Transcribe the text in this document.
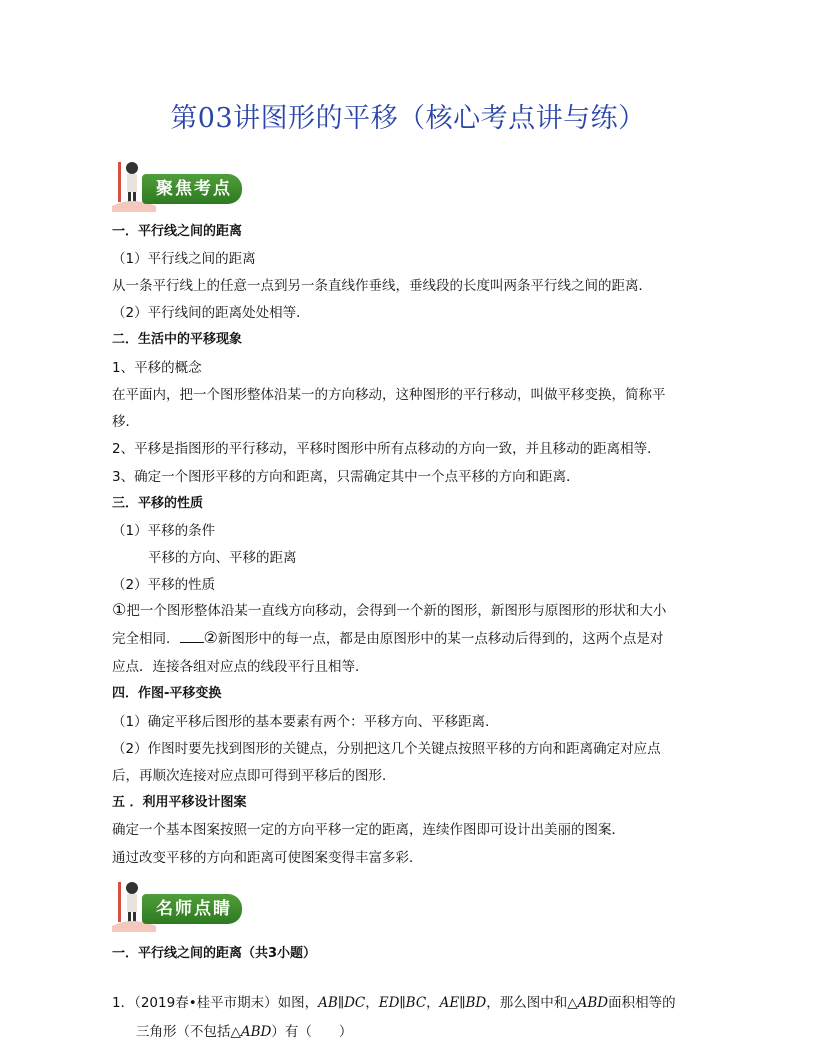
第03讲图形的平移（核心考点讲与练）
聚焦考点
一．平行线之间的距离
（1）平行线之间的距离
从一条平行线上的任意一点到另一条直线作垂线，垂线段的长度叫两条平行线之间的距离．
（2）平行线间的距离处处相等．
二．生活中的平移现象
1、平移的概念
在平面内，把一个图形整体沿某一的方向移动，这种图形的平行移动，叫做平移变换，简称平
移．
2、平移是指图形的平行移动，平移时图形中所有点移动的方向一致，并且移动的距离相等．
3、确定一个图形平移的方向和距离，只需确定其中一个点平移的方向和距离．
三．平移的性质
（1）平移的条件
平移的方向、平移的距离
（2）平移的性质
①把一个图形整体沿某一直线方向移动，会得到一个新的图形，新图形与原图形的形状和大小
完全相同． ②新图形中的每一点，都是由原图形中的某一点移动后得到的，这两个点是对
应点．连接各组对应点的线段平行且相等．
四．作图-平移变换
（1）确定平移后图形的基本要素有两个：平移方向、平移距离．
（2）作图时要先找到图形的关键点，分别把这几个关键点按照平移的方向和距离确定对应点
后，再顺次连接对应点即可得到平移后的图形．
五 ．利用平移设计图案
确定一个基本图案按照一定的方向平移一定的距离，连续作图即可设计出美丽的图案．
通过改变平移的方向和距离可使图案变得丰富多彩．
名师点睛
一．平行线之间的距离（共3小题）
1．（2019春•桂平市期末）如图，AB∥DC，ED∥BC，AE∥BD，那么图中和△ABD面积相等的
三角形（不包括△ABD）有（　　）
